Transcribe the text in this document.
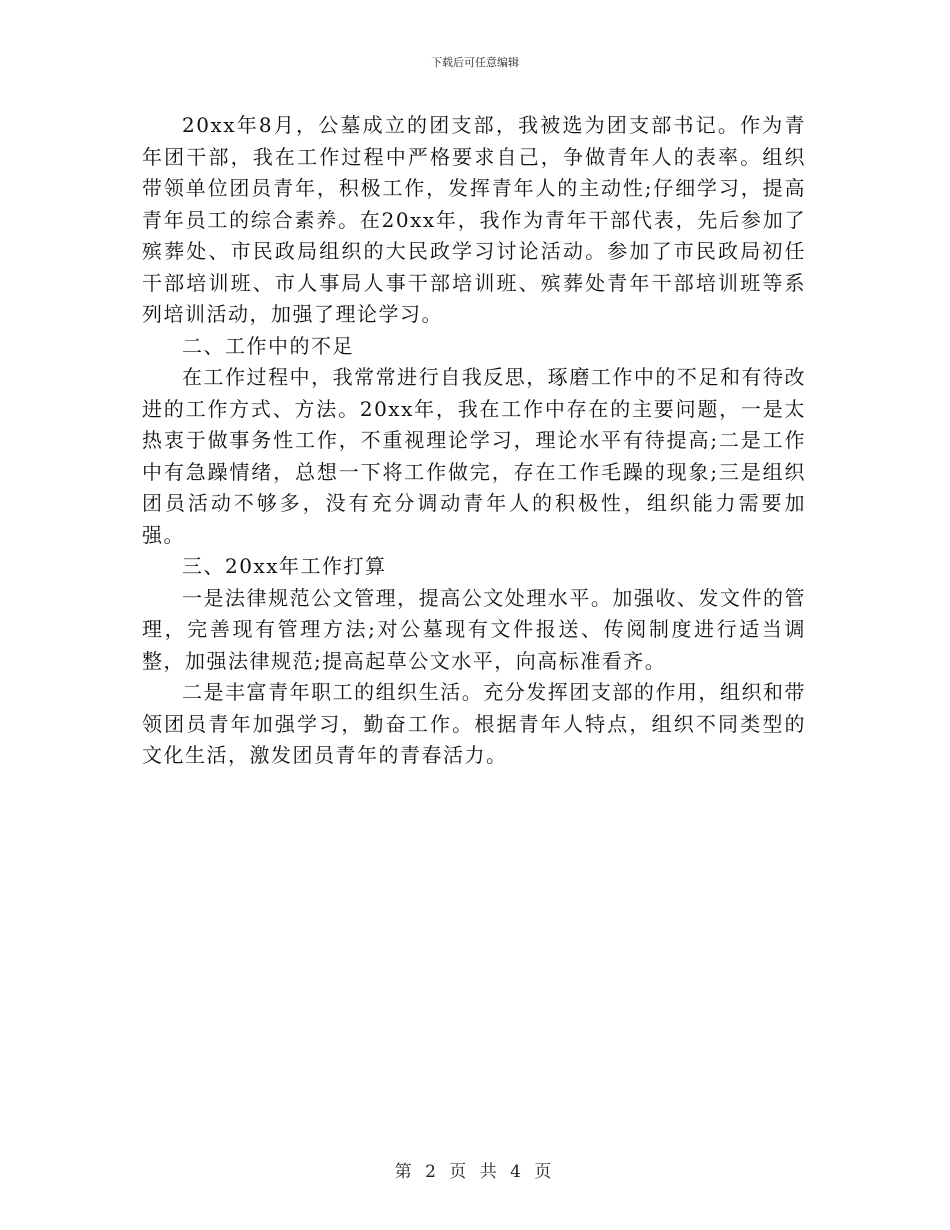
下载后可任意编辑

20xx年8月，公墓成立的团支部，我被选为团支部书记。作为青年团干部，我在工作过程中严格要求自己，争做青年人的表率。组织带领单位团员青年，积极工作，发挥青年人的主动性;仔细学习，提高青年员工的综合素养。在20xx年，我作为青年干部代表，先后参加了殡葬处、市民政局组织的大民政学习讨论活动。参加了市民政局初任干部培训班、市人事局人事干部培训班、殡葬处青年干部培训班等系列培训活动，加强了理论学习。

二、工作中的不足

在工作过程中，我常常进行自我反思，琢磨工作中的不足和有待改进的工作方式、方法。20xx年，我在工作中存在的主要问题，一是太热衷于做事务性工作，不重视理论学习，理论水平有待提高;二是工作中有急躁情绪，总想一下将工作做完，存在工作毛躁的现象;三是组织团员活动不够多，没有充分调动青年人的积极性，组织能力需要加强。

三、20xx年工作打算

一是法律规范公文管理，提高公文处理水平。加强收、发文件的管理，完善现有管理方法;对公墓现有文件报送、传阅制度进行适当调整，加强法律规范;提高起草公文水平，向高标准看齐。

二是丰富青年职工的组织生活。充分发挥团支部的作用，组织和带领团员青年加强学习，勤奋工作。根据青年人特点，组织不同类型的文化生活，激发团员青年的青春活力。

第 2 页 共 4 页
